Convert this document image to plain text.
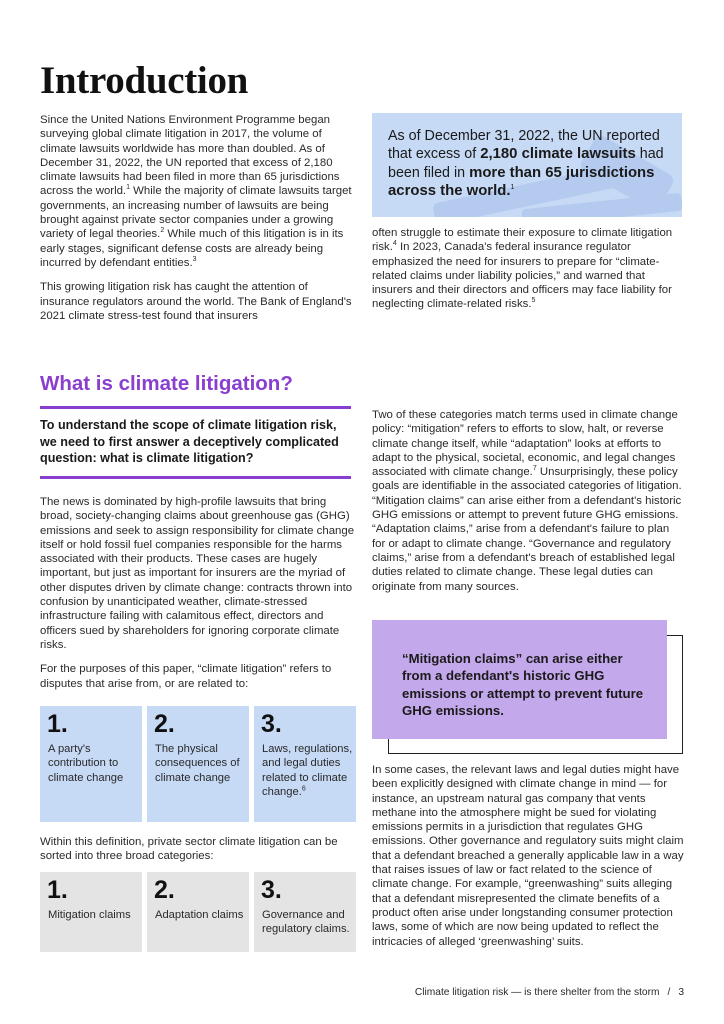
Introduction

Since the United Nations Environment Programme began surveying global climate litigation in 2017, the volume of climate lawsuits worldwide has more than doubled. As of December 31, 2022, the UN reported that excess of 2,180 climate lawsuits had been filed in more than 65 jurisdictions across the world.$^1$ While the majority of climate lawsuits target governments, an increasing number of lawsuits are being brought against private sector companies under a growing variety of legal theories.$^2$ While much of this litigation is in its early stages, significant defense costs are already being incurred by defendant entities.$^3$

This growing litigation risk has caught the attention of insurance regulators around the world. The Bank of England's 2021 climate stress-test found that insurers

As of December 31, 2022, the UN reported that excess of 2,180 climate lawsuits had been filed in more than 65 jurisdictions across the world.$^1$

often struggle to estimate their exposure to climate litigation risk.$^4$ In 2023, Canada's federal insurance regulator emphasized the need for insurers to prepare for “climate-related claims under liability policies,” and warned that insurers and their directors and officers may face liability for neglecting climate-related risks.$^5$

What is climate litigation?
To understand the scope of climate litigation risk, we need to first answer a deceptively complicated question: what is climate litigation?

The news is dominated by high-profile lawsuits that bring broad, society-changing claims about greenhouse gas (GHG) emissions and seek to assign responsibility for climate change itself or hold fossil fuel companies responsible for the harms associated with their products. These cases are hugely important, but just as important for insurers are the myriad of other disputes driven by climate change: contracts thrown into confusion by unanticipated weather, climate-stressed infrastructure failing with calamitous effect, directors and officers sued by shareholders for ignoring corporate climate risks.

For the purposes of this paper, “climate litigation” refers to disputes that arise from, or are related to:

1.
A party's contribution to climate change
2.
The physical consequences of climate change
3.
Laws, regulations, and legal duties related to climate change.$^6$

Within this definition, private sector climate litigation can be sorted into three broad categories:

1.
Mitigation claims
2.
Adaptation claims
3.
Governance and regulatory claims.

Two of these categories match terms used in climate change policy: “mitigation” refers to efforts to slow, halt, or reverse climate change itself, while “adaptation” looks at efforts to adapt to the physical, societal, economic, and legal changes associated with climate change.$^7$ Unsurprisingly, these policy goals are identifiable in the associated categories of litigation. “Mitigation claims” can arise either from a defendant's historic GHG emissions or attempt to prevent future GHG emissions. “Adaptation claims,” arise from a defendant's failure to plan for or adapt to climate change. “Governance and regulatory claims,” arise from a defendant's breach of established legal duties related to climate change. These legal duties can originate from many sources.

“Mitigation claims” can arise either from a defendant's historic GHG emissions or attempt to prevent future GHG emissions.

In some cases, the relevant laws and legal duties might have been explicitly designed with climate change in mind — for instance, an upstream natural gas company that vents methane into the atmosphere might be sued for violating emissions permits in a jurisdiction that regulates GHG emissions. Other governance and regulatory suits might claim that a defendant breached a generally applicable law in a way that raises issues of law or fact related to the science of climate change. For example, “greenwashing” suits alleging that a defendant misrepresented the climate benefits of a product often arise under longstanding consumer protection laws, some of which are now being updated to reflect the intricacies of alleged ‘greenwashing’ suits.

Climate litigation risk — is there shelter from the storm / 3
